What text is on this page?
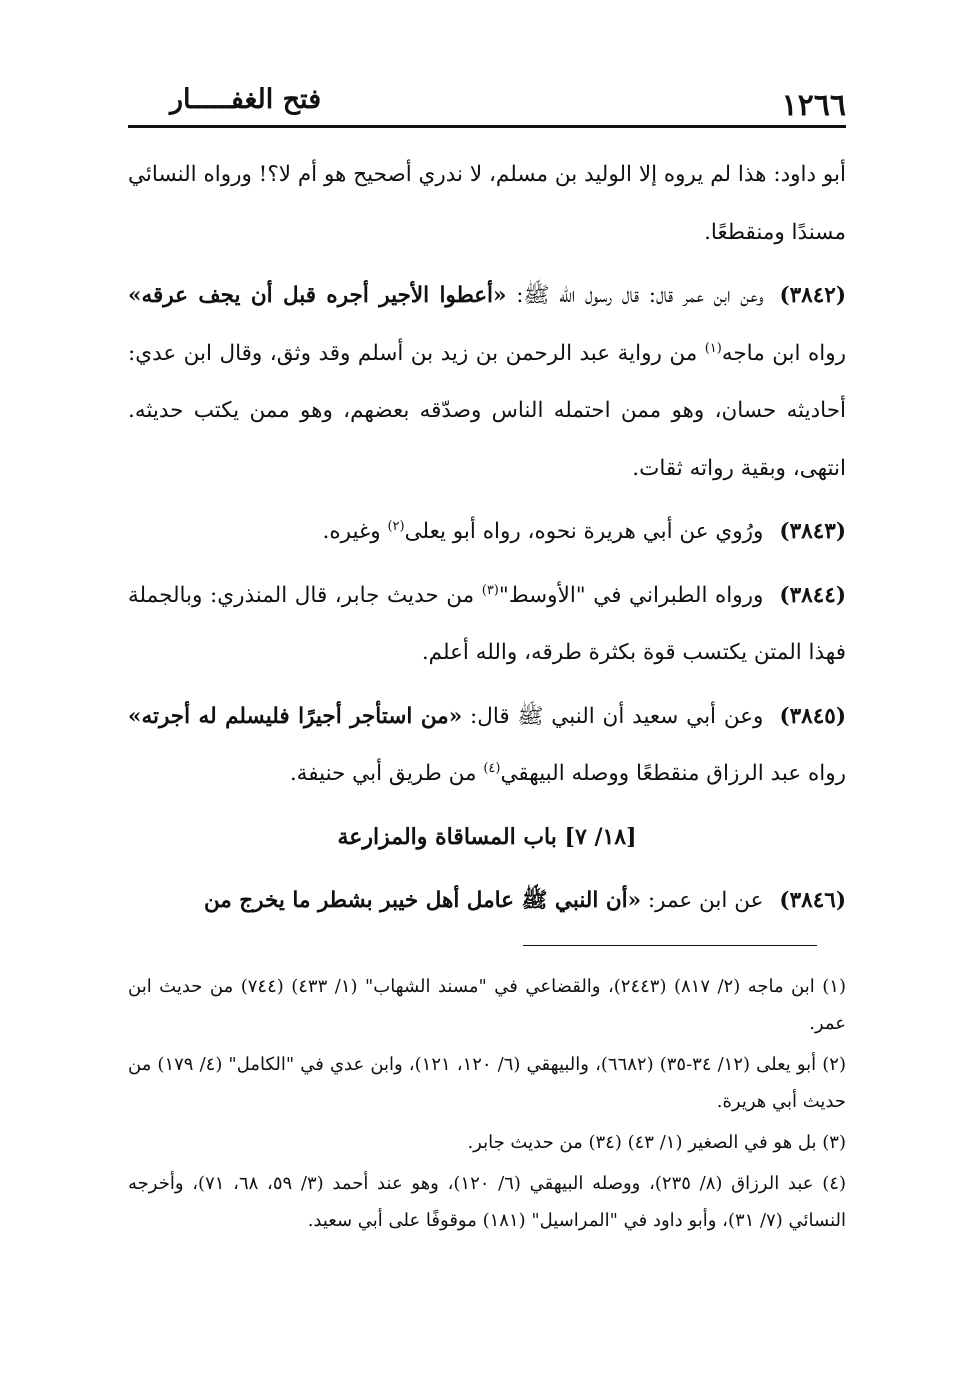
١٢٦٦
فتح الغفـــــار

أبو داود: هذا لم يروه إلا الوليد بن مسلم، لا ندري أصحيح هو أم لا؟! ورواه النسائي مسندًا ومنقطعًا.

(٣٨٤٢)وعن ابن عمر قال: قال رسول الله ﷺ: «أعطوا الأجير أجره قبل أن يجف عرقه» رواه ابن ماجه$^{(١)}$ من رواية عبد الرحمن بن زيد بن أسلم وقد وثق، وقال ابن عدي: أحاديثه حسان، وهو ممن احتمله الناس وصدّقه بعضهم، وهو ممن يكتب حديثه. انتهى، وبقية رواته ثقات.

(٣٨٤٣)ورُوي عن أبي هريرة نحوه، رواه أبو يعلى$^{(٢)}$ وغيره.

(٣٨٤٤)ورواه الطبراني في "الأوسط"$^{(٣)}$ من حديث جابر، قال المنذري: وبالجملة فهذا المتن يكتسب قوة بكثرة طرقه، والله أعلم.

(٣٨٤٥)وعن أبي سعيد أن النبي ﷺ قال: «من استأجر أجيرًا فليسلم له أجرته» رواه عبد الرزاق منقطعًا ووصله البيهقي$^{(٤)}$ من طريق أبي حنيفة.

[١٨/ ٧] باب المساقاة والمزارعة

(٣٨٤٦)عن ابن عمر: «أن النبي ﷺ عامل أهل خيبر بشطر ما يخرج من

(١) ابن ماجه (٢/ ٨١٧) (٢٤٤٣)، والقضاعي في "مسند الشهاب" (١/ ٤٣٣) (٧٤٤) من حديث ابن عمر.

(٢) أبو يعلى (١٢/ ٣٤-٣٥) (٦٦٨٢)، والبيهقي (٦/ ١٢٠، ١٢١)، وابن عدي في "الكامل" (٤/ ١٧٩) من حديث أبي هريرة.

(٣) بل هو في الصغير (١/ ٤٣) (٣٤) من حديث جابر.

(٤) عبد الرزاق (٨/ ٢٣٥)، ووصله البيهقي (٦/ ١٢٠)، وهو عند أحمد (٣/ ٥٩، ٦٨، ٧١)، وأخرجه النسائي (٧/ ٣١)، وأبو داود في "المراسيل" (١٨١) موقوفًا على أبي سعيد.
